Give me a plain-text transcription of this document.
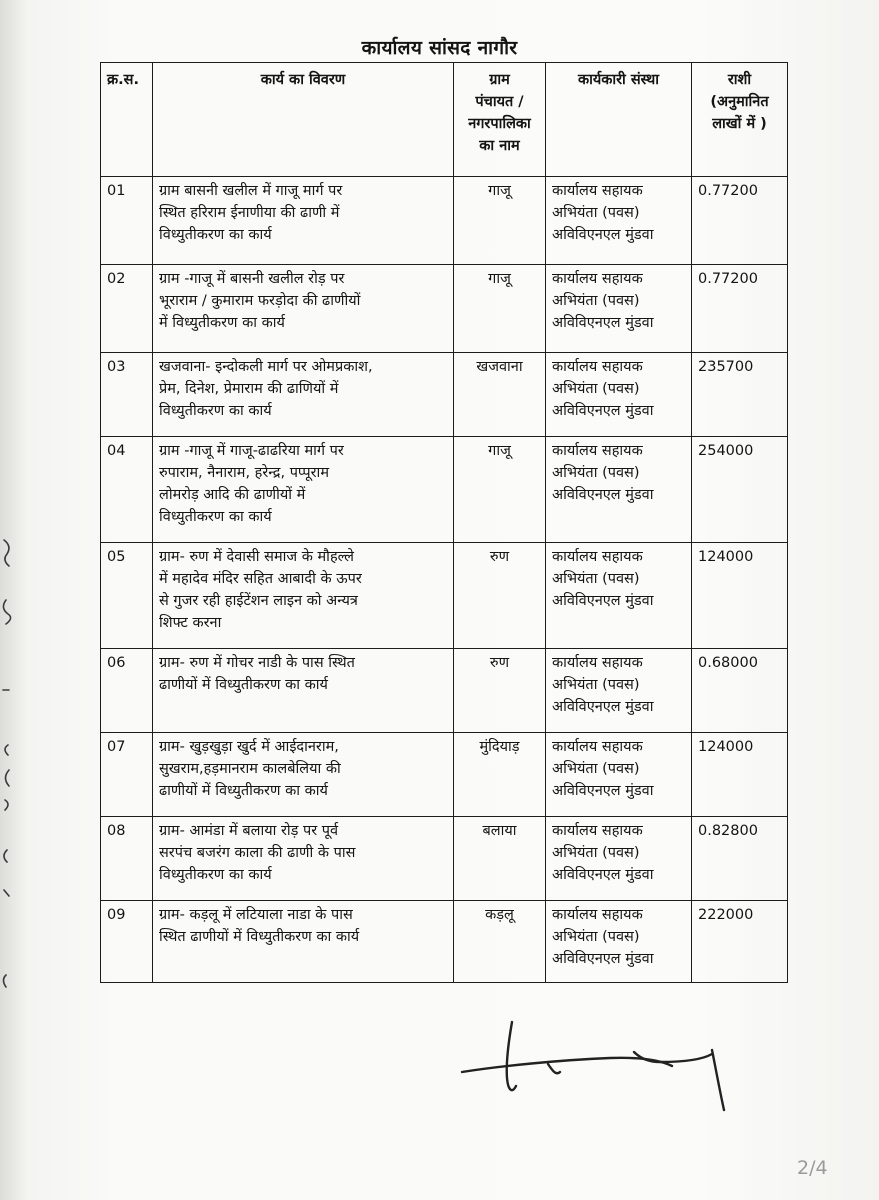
कार्यालय सांसद नागौर
क्र.स.	कार्य का विवरण	ग्राम
पंचायत /
नगरपालिका
का नाम	कार्यकारी संस्था	राशी
(अनुमानित
लाखों में )

01	ग्राम बासनी खलील में गाजू मार्ग पर
स्थित हरिराम ईनाणीया की ढाणी में
विध्युतीकरण का कार्य	गाजू	कार्यालय सहायक
अभियंता (पवस)
अविविएनएल मुंडवा	0.77200
02	ग्राम -गाजू में बासनी खलील रोड़ पर
भूराराम / कुमाराम फरड़ोदा की ढाणीयों
में विध्युतीकरण का कार्य	गाजू	कार्यालय सहायक
अभियंता (पवस)
अविविएनएल मुंडवा	0.77200
03	खजवाना- इन्दोकली मार्ग पर ओमप्रकाश,
प्रेम, दिनेश, प्रेमाराम की ढाणियों में
विध्युतीकरण का कार्य	खजवाना	कार्यालय सहायक
अभियंता (पवस)
अविविएनएल मुंडवा	235700
04	ग्राम -गाजू में गाजू-ढाढरिया मार्ग पर
रुपाराम, नैनाराम, हरेन्द्र, पप्पूराम
लोमरोड़ आदि की ढाणीयों में
विध्युतीकरण का कार्य	गाजू	कार्यालय सहायक
अभियंता (पवस)
अविविएनएल मुंडवा	254000
05	ग्राम- रुण में देवासी समाज के मौहल्ले
में महादेव मंदिर सहित आबादी के ऊपर
से गुजर रही हाईटेंशन लाइन को अन्यत्र
शिफ्ट करना	रुण	कार्यालय सहायक
अभियंता (पवस)
अविविएनएल मुंडवा	124000
06	ग्राम- रुण में गोचर नाडी के पास स्थित
ढाणीयों में विध्युतीकरण का कार्य	रुण	कार्यालय सहायक
अभियंता (पवस)
अविविएनएल मुंडवा	0.68000
07	ग्राम- खुड़खुड़ा खुर्द में आईदानराम,
सुखराम,हड़मानराम कालबेलिया की
ढाणीयों में विध्युतीकरण का कार्य	मुंदियाड़	कार्यालय सहायक
अभियंता (पवस)
अविविएनएल मुंडवा	124000
08	ग्राम- आमंडा में बलाया रोड़ पर पूर्व
सरपंच बजरंग काला की ढाणी के पास
विध्युतीकरण का कार्य	बलाया	कार्यालय सहायक
अभियंता (पवस)
अविविएनएल मुंडवा	0.82800
09	ग्राम- कड़लू में लटियाला नाडा के पास
स्थित ढाणीयों में विध्युतीकरण का कार्य	कड़लू	कार्यालय सहायक
अभियंता (पवस)
अविविएनएल मुंडवा	222000
2/4
